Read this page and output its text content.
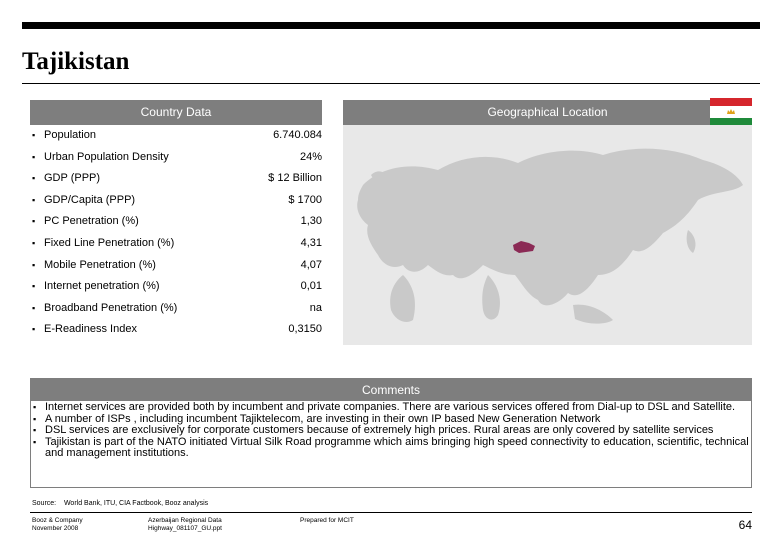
Tajikistan
Country Data	Geographical Location
▪ Population	6.740.084
▪ Urban Population Density	24%
▪ GDP (PPP)	$ 12 Billion
▪ GDP/Capita (PPP)	$ 1700
▪ PC Penetration (%)	1,30
▪ Fixed Line Penetration (%)	4,31
▪ Mobile Penetration (%)	4,07
▪ Internet penetration (%)	0,01
▪ Broadband Penetration (%)	na
▪ E-Readiness Index	0,3150
Comments
▪ Internet services are provided both by incumbent and private companies. There are various services offered from Dial-up to DSL and Satellite.
▪ A number of ISPs , including incumbent Tajiktelecom, are investing in their own IP based New Generation Network
▪ DSL services are exclusively for corporate customers because of extremely high prices. Rural areas are only covered by satellite services
▪ Tajikistan is part of the NATO initiated Virtual Silk Road programme which aims bringing high speed connectivity to education, scientific, technical and management institutions.
Source: World Bank, ITU, CIA Factbook, Booz analysis
Booz & Company
November 2008
Azerbaijan Regional Data
Highway_081107_GU.ppt
Prepared for MCIT	64
